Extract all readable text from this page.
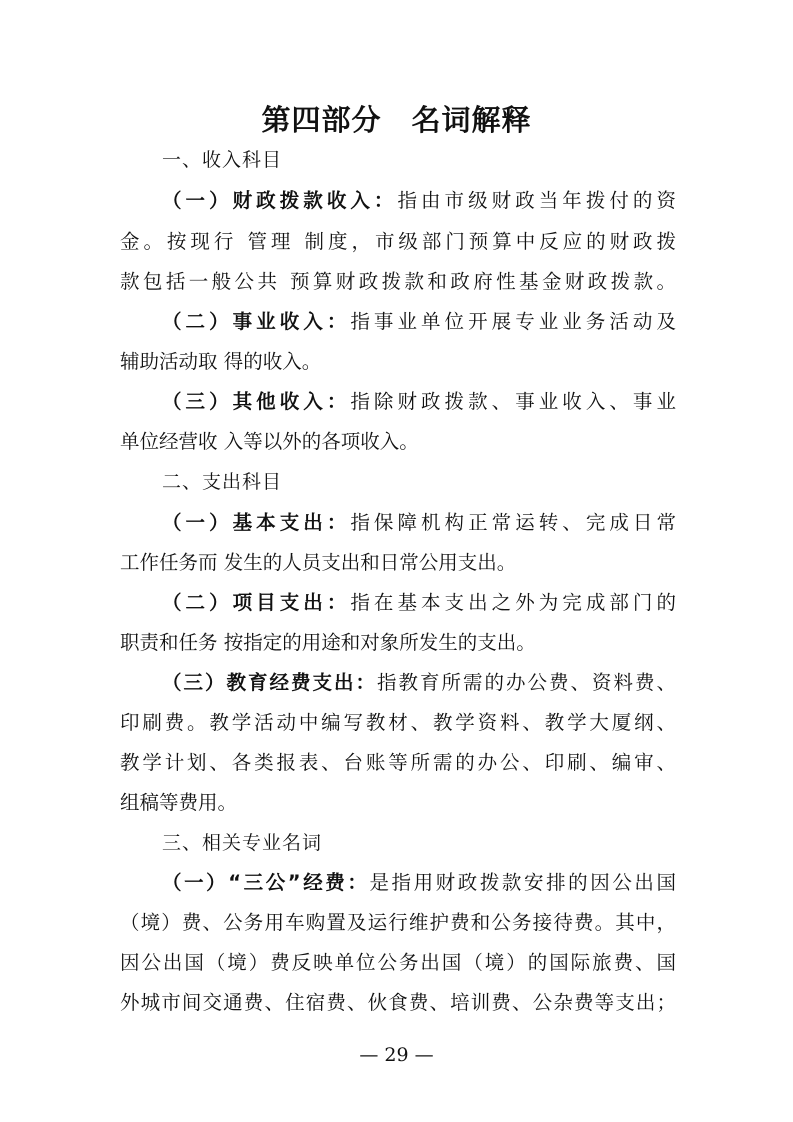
第四部分　名词解释
一、收入科目
（一）财政拨款收入：指由市级财政当年拨付的资
金。按现行 管理 制度，市级部门预算中反应的财政拨
款包括一般公共 预算财政拨款和政府性基金财政拨款。
（二）事业收入：指事业单位开展专业业务活动及
辅助活动取 得的收入。
（三）其他收入：指除财政拨款、事业收入、事业
单位经营收 入等以外的各项收入。
二、支出科目
（一）基本支出：指保障机构正常运转、完成日常
工作任务而 发生的人员支出和日常公用支出。
（二）项目支出：指在基本支出之外为完成部门的
职责和任务 按指定的用途和对象所发生的支出。
（三）教育经费支出：指教育所需的办公费、资料费、
印刷费。教学活动中编写教材、教学资料、教学大厦纲、
教学计划、各类报表、台账等所需的办公、印刷、编审、
组稿等费用。
三、相关专业名词
（一）“三公”经费：是指用财政拨款安排的因公出国
（境）费、公务用车购置及运行维护费和公务接待费。其中，
因公出国（境）费反映单位公务出国（境）的国际旅费、国
外城市间交通费、住宿费、伙食费、培训费、公杂费等支出；
— 29 —
